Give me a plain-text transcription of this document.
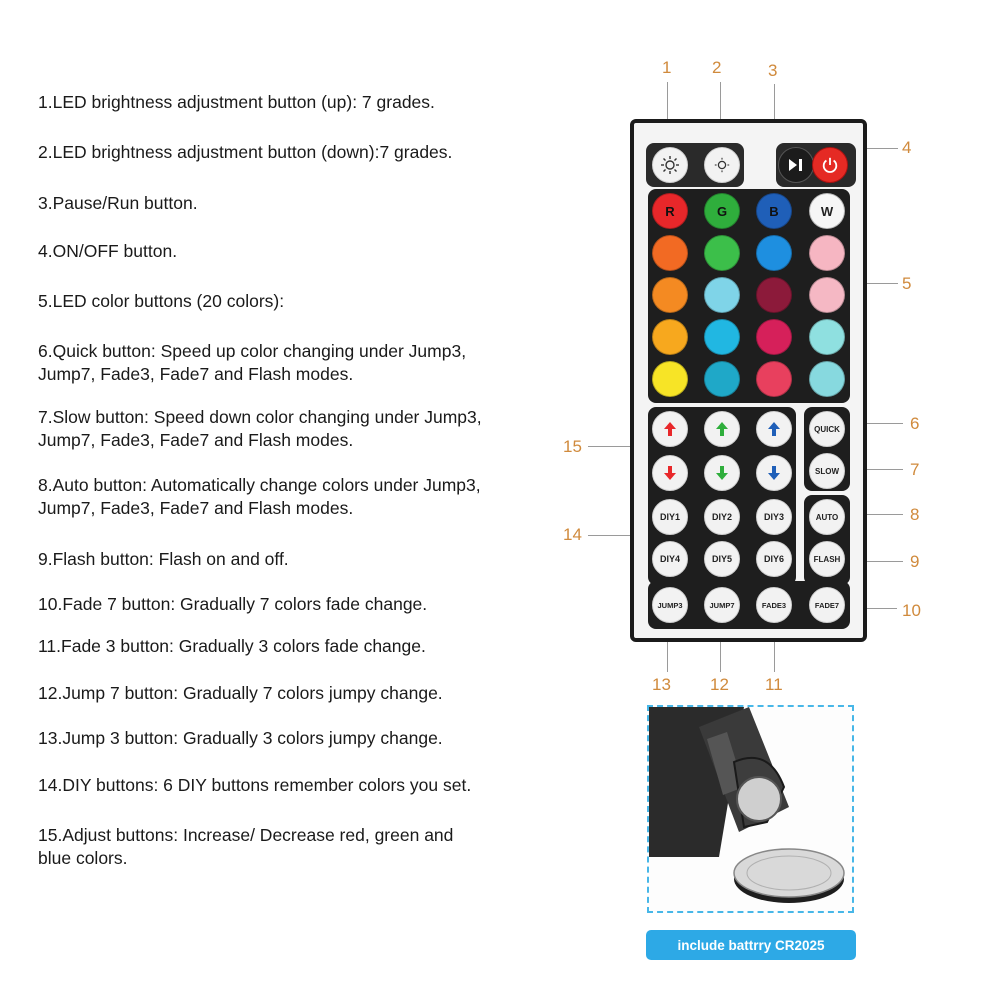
1.LED brightness adjustment button (up): 7 grades.
2.LED brightness adjustment button (down):7 grades.
3.Pause/Run button.
4.ON/OFF button.
5.LED color buttons (20 colors):
6.Quick button: Speed up color changing under Jump3,
Jump7, Fade3, Fade7 and Flash modes.
7.Slow button: Speed down color changing under Jump3,
Jump7, Fade3, Fade7 and Flash modes.
8.Auto button: Automatically change colors under Jump3,
Jump7, Fade3, Fade7 and Flash modes.
9.Flash button: Flash on and off.
10.Fade 7 button: Gradually 7 colors fade change.
11.Fade 3 button: Gradually 3 colors fade change.
12.Jump 7 button: Gradually 7 colors jumpy change.
13.Jump 3 button: Gradually 3 colors jumpy change.
14.DIY buttons: 6 DIY buttons remember colors you set.
15.Adjust buttons: Increase/ Decrease red, green and
blue colors.
1 2	3
4
5
6
7
8
9
10
11
12
13
14
15
DIY1	DIY2	DIY3
DIY4	DIY5	DIY6
QUICK
SLOW
AUTO
FLASH
JUMP3	JUMP7	FADE3	FADE7
R	G	B	W
include battrry CR2025
